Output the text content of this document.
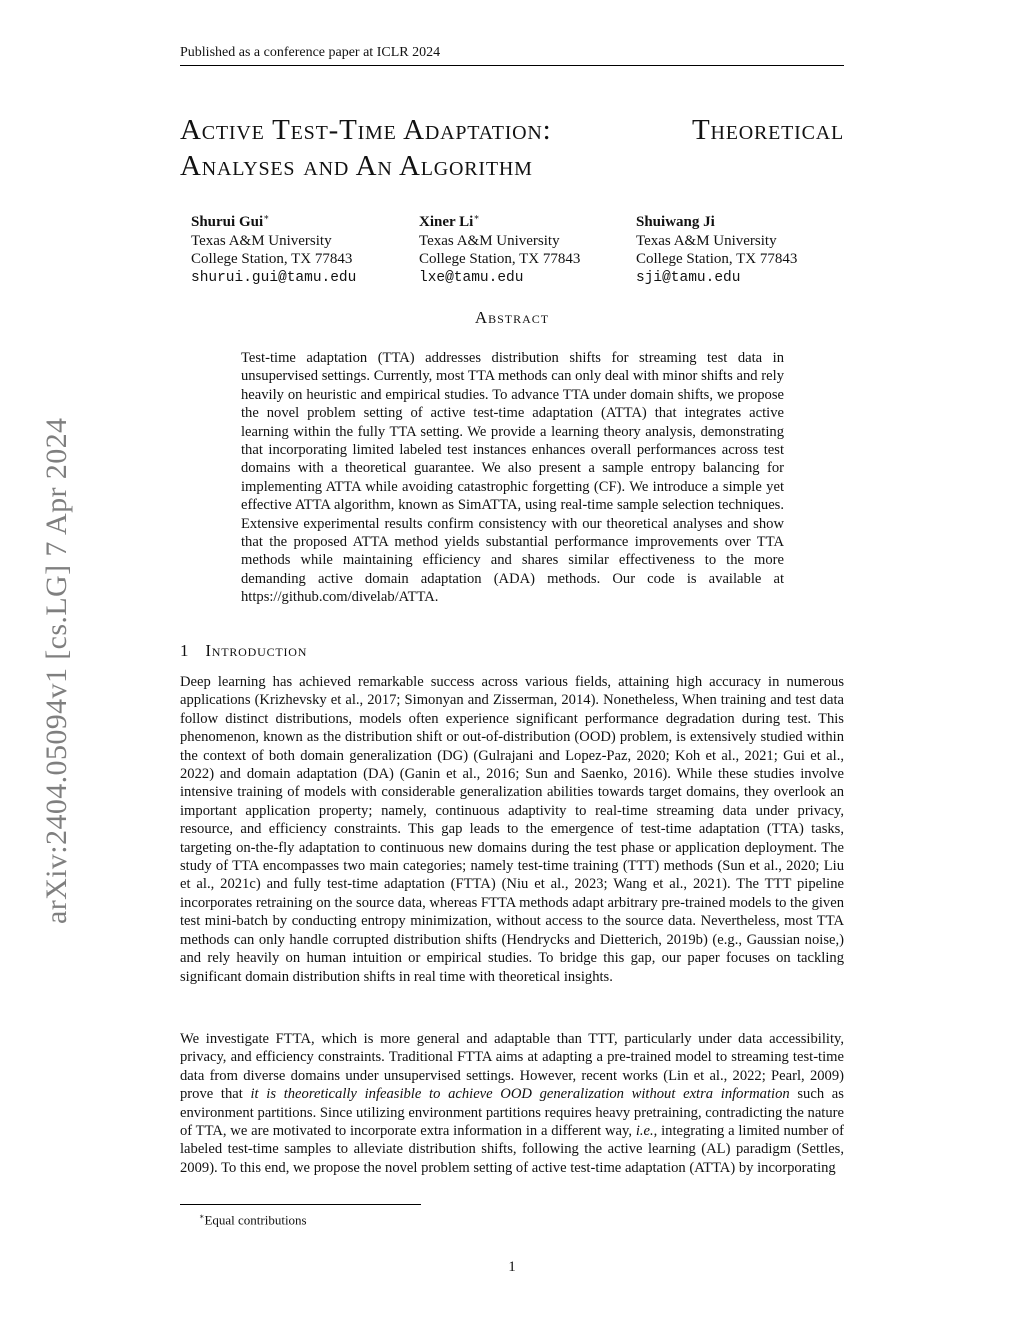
Published as a conference paper at ICLR 2024
arXiv:2404.05094v1 [cs.LG] 7 Apr 2024
Active Test-Time Adaptation:	Theoretical
Analyses and An Algorithm
Shurui Gui∗
Texas A&M University
College Station, TX 77843
shurui.gui@tamu.edu
Xiner Li∗
Texas A&M University
College Station, TX 77843
lxe@tamu.edu
Shuiwang Ji
Texas A&M University
College Station, TX 77843
sji@tamu.edu
Abstract

Test-time adaptation (TTA) addresses distribution shifts for streaming test data in unsupervised settings. Currently, most TTA methods can only deal with minor shifts and rely heavily on heuristic and empirical studies. To advance TTA under domain shifts, we propose the novel problem setting of active test-time adaptation (ATTA) that integrates active learning within the fully TTA setting. We provide a learning theory analysis, demonstrating that incorporating limited labeled test instances enhances overall performances across test domains with a theoretical guarantee. We also present a sample entropy balancing for implementing ATTA while avoiding catastrophic forgetting (CF). We introduce a simple yet effective ATTA algorithm, known as SimATTA, using real-time sample selection techniques. Extensive experimental results confirm consistency with our theoretical analyses and show that the proposed ATTA method yields substantial performance improvements over TTA methods while maintaining efficiency and shares similar effectiveness to the more demanding active domain adaptation (ADA) methods. Our code is available at https://github.com/divelab/ATTA.

1 Introduction

Deep learning has achieved remarkable success across various fields, attaining high accuracy in numerous applications (Krizhevsky et al., 2017; Simonyan and Zisserman, 2014). Nonetheless, When training and test data follow distinct distributions, models often experience significant performance degradation during test. This phenomenon, known as the distribution shift or out-of-distribution (OOD) problem, is extensively studied within the context of both domain generalization (DG) (Gulrajani and Lopez-Paz, 2020; Koh et al., 2021; Gui et al., 2022) and domain adaptation (DA) (Ganin et al., 2016; Sun and Saenko, 2016). While these studies involve intensive training of models with considerable generalization abilities towards target domains, they overlook an important application property; namely, continuous adaptivity to real-time streaming data under privacy, resource, and efficiency constraints. This gap leads to the emergence of test-time adaptation (TTA) tasks, targeting on-the-fly adaptation to continuous new domains during the test phase or application deployment. The study of TTA encompasses two main categories; namely test-time training (TTT) methods (Sun et al., 2020; Liu et al., 2021c) and fully test-time adaptation (FTTA) (Niu et al., 2023; Wang et al., 2021). The TTT pipeline incorporates retraining on the source data, whereas FTTA methods adapt arbitrary pre-trained models to the given test mini-batch by conducting entropy minimization, without access to the source data. Nevertheless, most TTA methods can only handle corrupted distribution shifts (Hendrycks and Dietterich, 2019b) (e.g., Gaussian noise,) and rely heavily on human intuition or empirical studies. To bridge this gap, our paper focuses on tackling significant domain distribution shifts in real time with theoretical insights.

We investigate FTTA, which is more general and adaptable than TTT, particularly under data accessibility, privacy, and efficiency constraints. Traditional FTTA aims at adapting a pre-trained model to streaming test-time data from diverse domains under unsupervised settings. However, recent works (Lin et al., 2022; Pearl, 2009) prove that it is theoretically infeasible to achieve OOD generalization without extra information such as environment partitions. Since utilizing environment partitions requires heavy pretraining, contradicting the nature of TTA, we are motivated to incorporate extra information in a different way, i.e., integrating a limited number of labeled test-time samples to alleviate distribution shifts, following the active learning (AL) paradigm (Settles, 2009). To this end, we propose the novel problem setting of active test-time adaptation (ATTA) by incorporating

∗Equal contributions
1
